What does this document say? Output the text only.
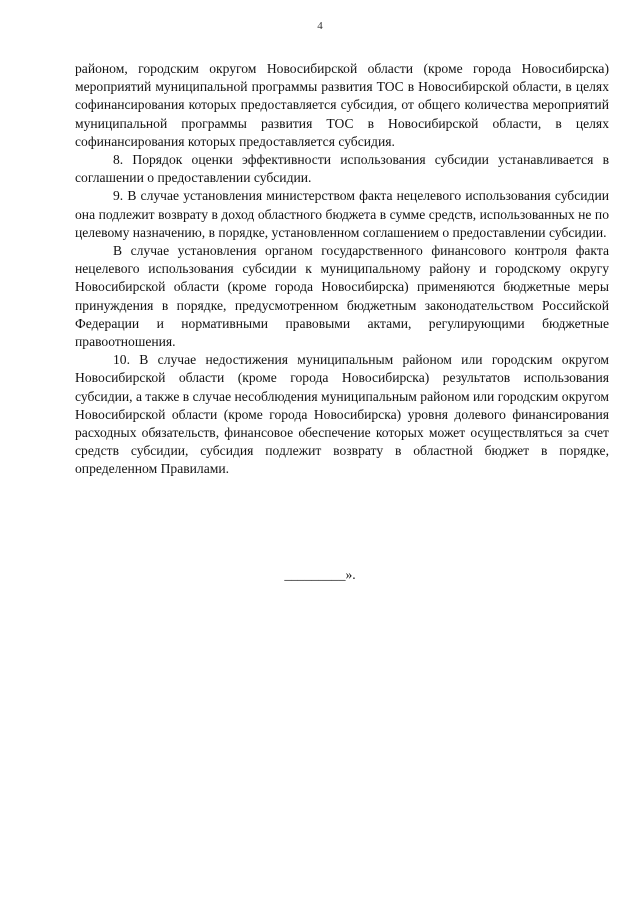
4

районом, городским округом Новосибирской области (кроме города Новосибирска) мероприятий муниципальной программы развития ТОС в Новосибирской области, в целях софинансирования которых предоставляется субсидия, от общего количества мероприятий муниципальной программы развития ТОС в Новосибирской области, в целях софинансирования которых предоставляется субсидия.

8. Порядок оценки эффективности использования субсидии устанавливается в соглашении о предоставлении субсидии.

9. В случае установления министерством факта нецелевого использования субсидии она подлежит возврату в доход областного бюджета в сумме средств, использованных не по целевому назначению, в порядке, установленном соглашением о предоставлении субсидии.

В случае установления органом государственного финансового контроля факта нецелевого использования субсидии к муниципальному району и городскому округу Новосибирской области (кроме города Новосибирска) применяются бюджетные меры принуждения в порядке, предусмотренном бюджетным законодательством Российской Федерации и нормативными правовыми актами, регулирующими бюджетные правоотношения.

10. В случае недостижения муниципальным районом или городским округом Новосибирской области (кроме города Новосибирска) результатов использования субсидии, а также в случае несоблюдения муниципальным районом или городским округом Новосибирской области (кроме города Новосибирска) уровня долевого финансирования расходных обязательств, финансовое обеспечение которых может осуществляться за счет средств субсидии, субсидия подлежит возврату в областной бюджет в порядке, определенном Правилами.

_________».
